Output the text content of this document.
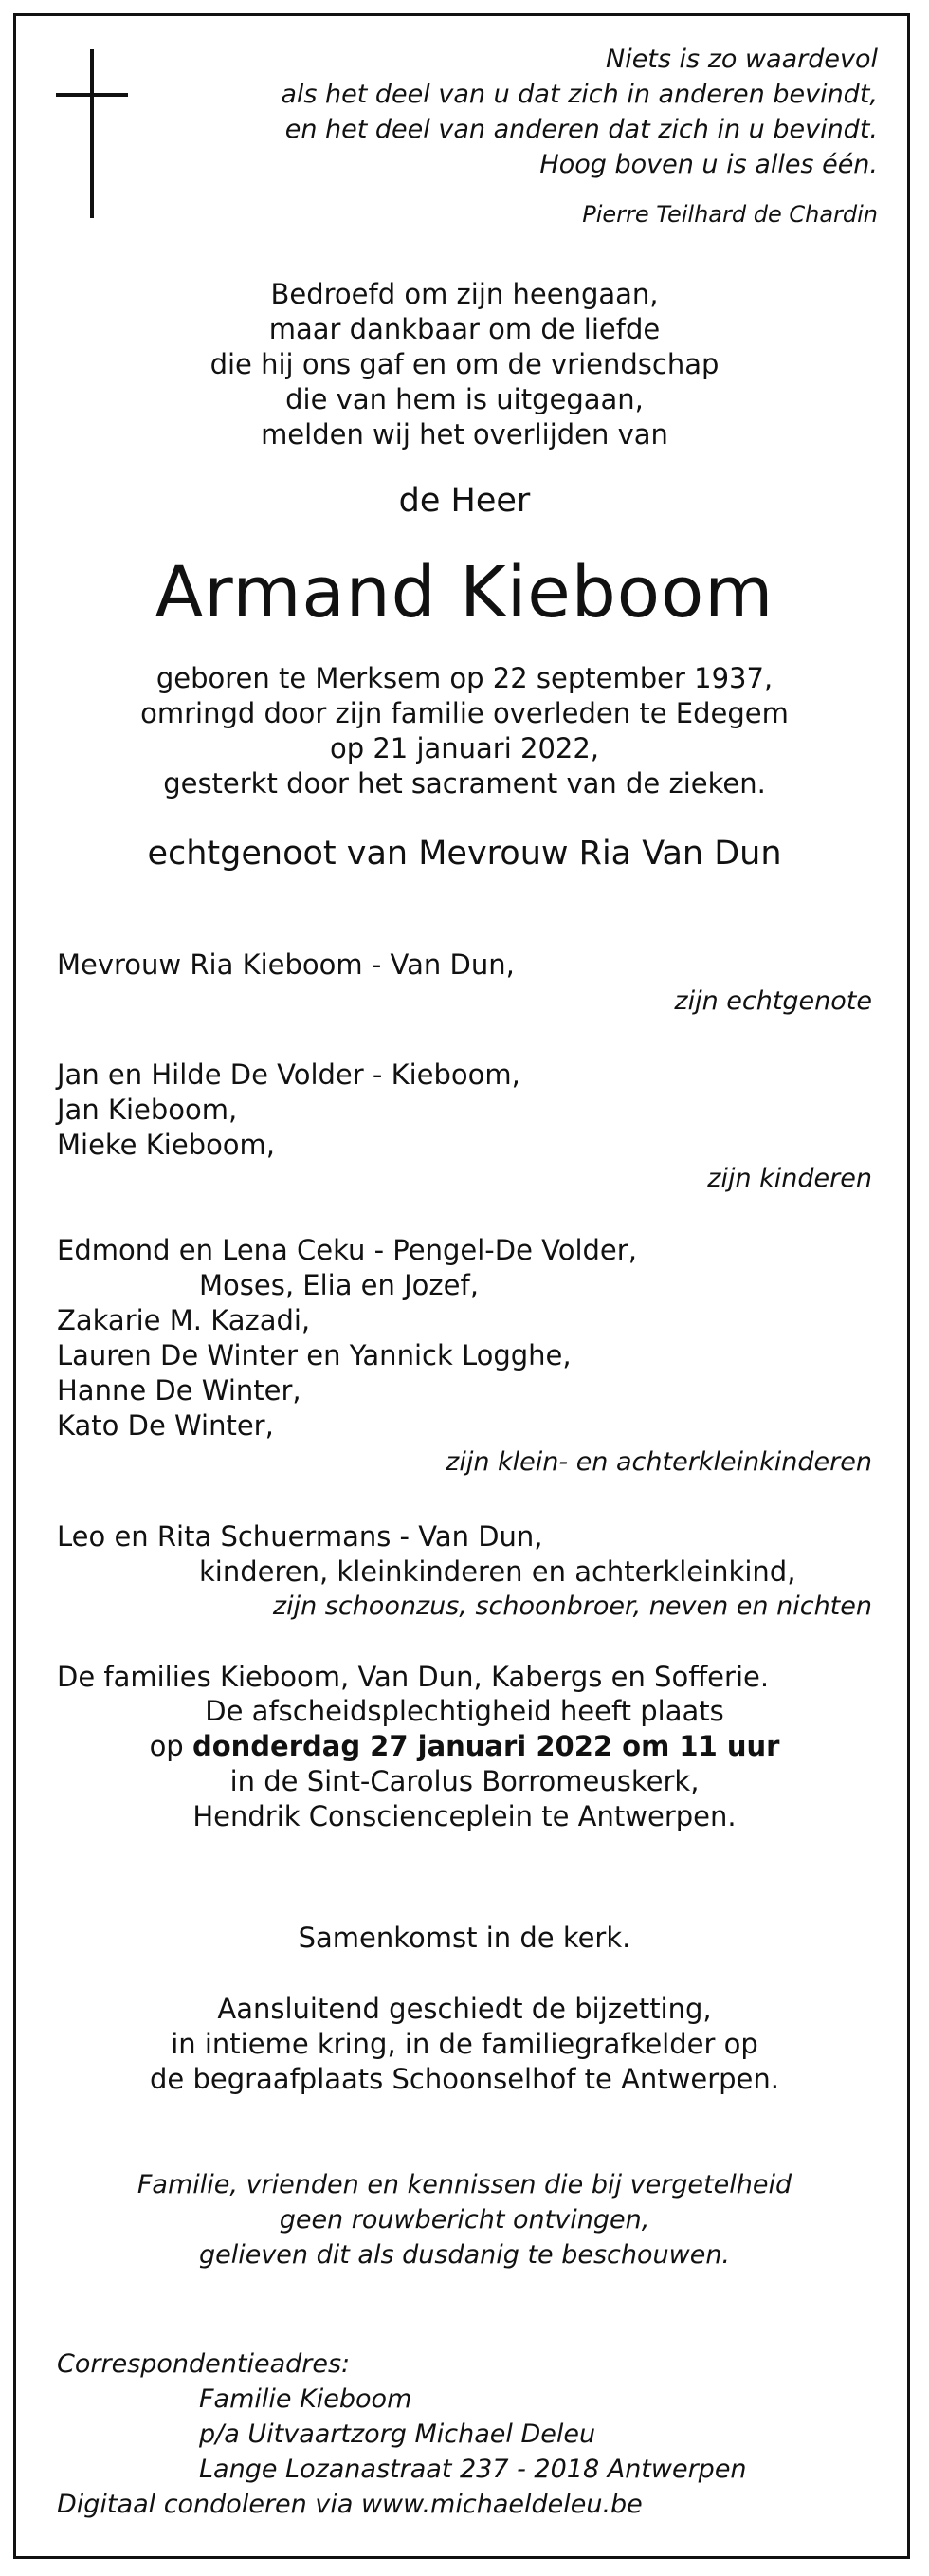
Niets is zo waardevol
als het deel van u dat zich in anderen bevindt,
en het deel van anderen dat zich in u bevindt.
Hoog boven u is alles één.
Pierre Teilhard de Chardin
Bedroefd om zijn heengaan,
maar dankbaar om de liefde
die hij ons gaf en om de vriendschap
die van hem is uitgegaan,
melden wij het overlijden van
de Heer
Armand Kieboom
geboren te Merksem op 22 september 1937,
omringd door zijn familie overleden te Edegem
op 21 januari 2022,
gesterkt door het sacrament van de zieken.
echtgenoot van Mevrouw Ria Van Dun
Mevrouw Ria Kieboom - Van Dun,
zijn echtgenote
Jan en Hilde De Volder - Kieboom,
Jan Kieboom,
Mieke Kieboom,
zijn kinderen
Edmond en Lena Ceku - Pengel-De Volder,
Moses, Elia en Jozef,
Zakarie M. Kazadi,
Lauren De Winter en Yannick Logghe,
Hanne De Winter,
Kato De Winter,
zijn klein- en achterkleinkinderen
Leo en Rita Schuermans - Van Dun,
kinderen, kleinkinderen en achterkleinkind,
zijn schoonzus, schoonbroer, neven en nichten
De families Kieboom, Van Dun, Kabergs en Sofferie.
De afscheidsplechtigheid heeft plaats
op donderdag 27 januari 2022 om 11 uur
in de Sint-Carolus Borromeuskerk,
Hendrik Conscienceplein te Antwerpen.
Samenkomst in de kerk.
Aansluitend geschiedt de bijzetting,
in intieme kring, in de familiegrafkelder op
de begraafplaats Schoonselhof te Antwerpen.
Familie, vrienden en kennissen die bij vergetelheid
geen rouwbericht ontvingen,
gelieven dit als dusdanig te beschouwen.
Correspondentieadres:
Familie Kieboom
p/a Uitvaartzorg Michael Deleu
Lange Lozanastraat 237 - 2018 Antwerpen
Digitaal condoleren via www.michaeldeleu.be
